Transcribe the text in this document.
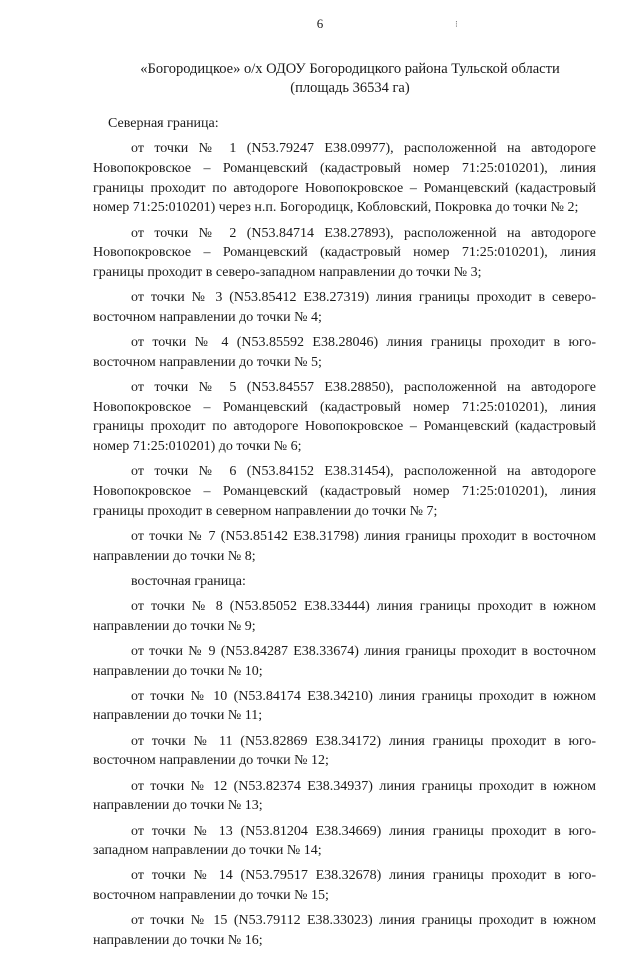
6	⁝
«Богородицкое» о/х ОДОУ Богородицкого района Тульской области
(площадь 36534 га)

Северная граница:

от точки № 1 (N53.79247 E38.09977), расположенной на автодороге Новопокровское – Романцевский (кадастровый номер 71:25:010201), линия границы проходит по автодороге Новопокровское – Романцевский (кадастровый номер 71:25:010201) через н.п. Богородицк, Кобловский, Покровка до точки № 2;

от точки № 2 (N53.84714 E38.27893), расположенной на автодороге Новопокровское – Романцевский (кадастровый номер 71:25:010201), линия границы проходит в северо-западном направлении до точки № 3;

от точки № 3 (N53.85412 E38.27319) линия границы проходит в северо-восточном направлении до точки № 4;

от точки № 4 (N53.85592 E38.28046) линия границы проходит в юго-восточном направлении до точки № 5;

от точки № 5 (N53.84557 E38.28850), расположенной на автодороге Новопокровское – Романцевский (кадастровый номер 71:25:010201), линия границы проходит по автодороге Новопокровское – Романцевский (кадастровый номер 71:25:010201) до точки № 6;

от точки № 6 (N53.84152 E38.31454), расположенной на автодороге Новопокровское – Романцевский (кадастровый номер 71:25:010201), линия границы проходит в северном направлении до точки № 7;

от точки № 7 (N53.85142 E38.31798) линия границы проходит в восточном направлении до точки № 8;

восточная граница:

от точки № 8 (N53.85052 E38.33444) линия границы проходит в южном направлении до точки № 9;

от точки № 9 (N53.84287 E38.33674) линия границы проходит в восточном направлении до точки № 10;

от точки № 10 (N53.84174 E38.34210) линия границы проходит в южном направлении до точки № 11;

от точки № 11 (N53.82869 E38.34172) линия границы проходит в юго-восточном направлении до точки № 12;

от точки № 12 (N53.82374 E38.34937) линия границы проходит в южном направлении до точки № 13;

от точки № 13 (N53.81204 E38.34669) линия границы проходит в юго-западном направлении до точки № 14;

от точки № 14 (N53.79517 E38.32678) линия границы проходит в юго-восточном направлении до точки № 15;

от точки № 15 (N53.79112 E38.33023) линия границы проходит в южном направлении до точки № 16;
